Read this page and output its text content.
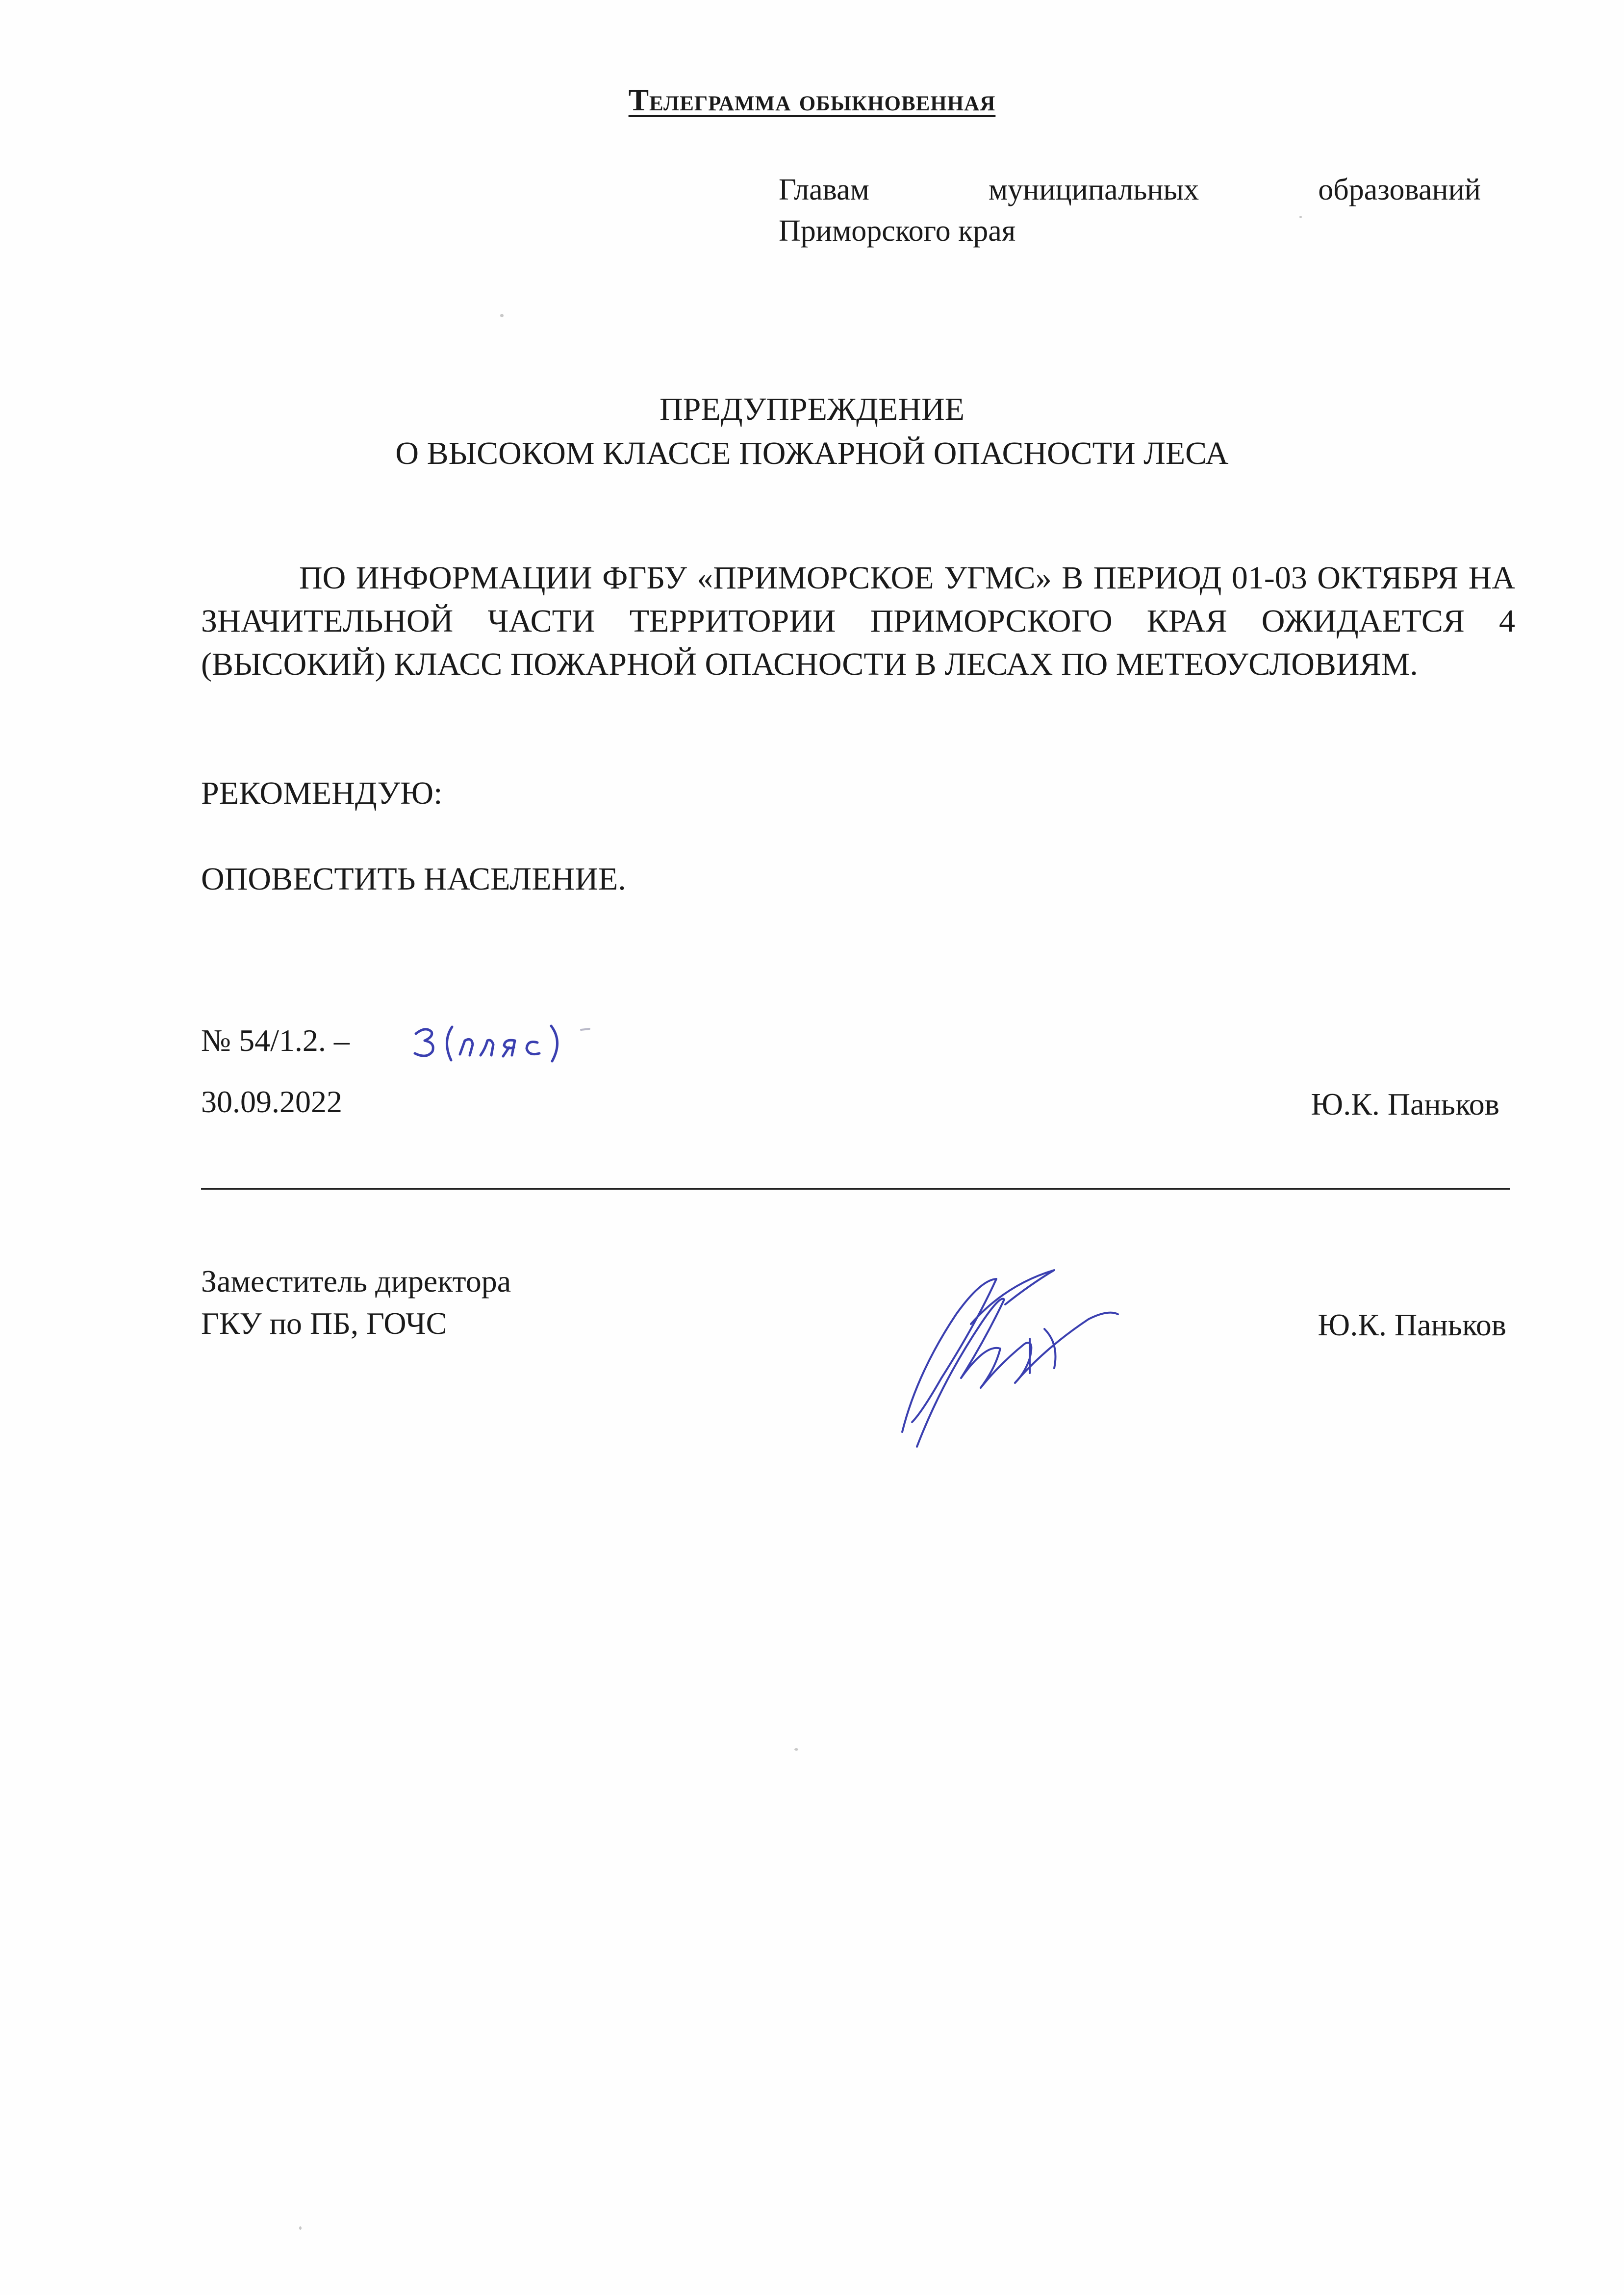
Телеграмма обыкновенная
Главам	муниципальных	образований
Приморского края
ПРЕДУПРЕЖДЕНИЕ
О ВЫСОКОМ КЛАССЕ ПОЖАРНОЙ ОПАСНОСТИ ЛЕСА
ПО ИНФОРМАЦИИ ФГБУ «ПРИМОРСКОЕ УГМС» В ПЕРИОД 01-03 ОКТЯБРЯ НА ЗНАЧИТЕЛЬНОЙ ЧАСТИ ТЕРРИТОРИИ ПРИМОРСКОГО КРАЯ ОЖИДАЕТСЯ 4 (ВЫСОКИЙ) КЛАСС ПОЖАРНОЙ ОПАСНОСТИ В ЛЕСАХ ПО МЕТЕОУСЛОВИЯМ.
РЕКОМЕНДУЮ:
ОПОВЕСТИТЬ НАСЕЛЕНИЕ.
№ 54/1.2. –
30.09.2022	Ю.К. Паньков
Заместитель директора
ГКУ по ПБ, ГОЧС	Ю.К. Паньков
